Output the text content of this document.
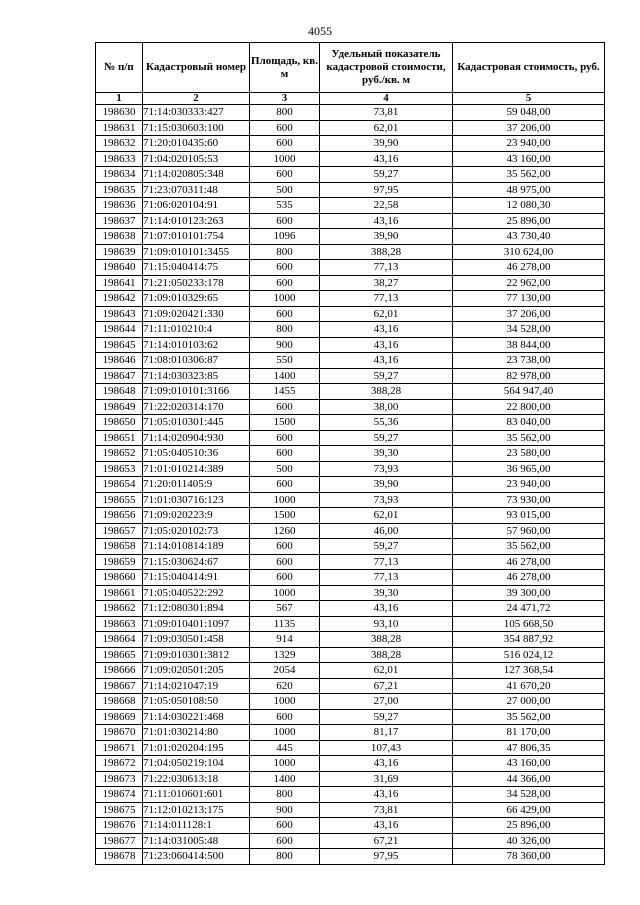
4055
№ п/п	Кадастровый номер	Площадь, кв. м	Удельный показатель кадастровой стоимости, руб./кв. м	Кадастровая стоимость, руб.
1	2	3	4	5
198630	71:14:030333:427	800	73,81	59 048,00
198631	71:15:030603:100	600	62,01	37 206,00
198632	71:20:010435:60	600	39,90	23 940,00
198633	71:04:020105:53	1000	43,16	43 160,00
198634	71:14:020805:348	600	59,27	35 562,00
198635	71:23:070311:48	500	97,95	48 975,00
198636	71:06:020104:91	535	22,58	12 080,30
198637	71:14:010123:263	600	43,16	25 896,00
198638	71:07:010101:754	1096	39,90	43 730,40
198639	71:09:010101:3455	800	388,28	310 624,00
198640	71:15:040414:75	600	77,13	46 278,00
198641	71:21:050233:178	600	38,27	22 962,00
198642	71:09:010329:65	1000	77,13	77 130,00
198643	71:09:020421:330	600	62,01	37 206,00
198644	71:11:010210:4	800	43,16	34 528,00
198645	71:14:010103:62	900	43,16	38 844,00
198646	71:08:010306:87	550	43,16	23 738,00
198647	71:14:030323:85	1400	59,27	82 978,00
198648	71:09:010101:3166	1455	388,28	564 947,40
198649	71:22:020314:170	600	38,00	22 800,00
198650	71:05:010301:445	1500	55,36	83 040,00
198651	71:14:020904:930	600	59,27	35 562,00
198652	71:05:040510:36	600	39,30	23 580,00
198653	71:01:010214:389	500	73,93	36 965,00
198654	71:20:011405:9	600	39,90	23 940,00
198655	71:01:030716:123	1000	73,93	73 930,00
198656	71:09:020223:9	1500	62,01	93 015,00
198657	71:05:020102:73	1260	46,00	57 960,00
198658	71:14:010814:189	600	59,27	35 562,00
198659	71:15:030624:67	600	77,13	46 278,00
198660	71:15:040414:91	600	77,13	46 278,00
198661	71:05:040522:292	1000	39,30	39 300,00
198662	71:12:080301:894	567	43,16	24 471,72
198663	71:09:010401:1097	1135	93,10	105 668,50
198664	71:09:030501:458	914	388,28	354 887,92
198665	71:09:010301:3812	1329	388,28	516 024,12
198666	71:09:020501:205	2054	62,01	127 368,54
198667	71:14:021047:19	620	67,21	41 670,20
198668	71:05:050108:50	1000	27,00	27 000,00
198669	71:14:030221:468	600	59,27	35 562,00
198670	71:01:030214:80	1000	81,17	81 170,00
198671	71:01:020204:195	445	107,43	47 806,35
198672	71:04:050219:104	1000	43,16	43 160,00
198673	71:22:030613:18	1400	31,69	44 366,00
198674	71:11:010601:601	800	43,16	34 528,00
198675	71:12:010213:175	900	73,81	66 429,00
198676	71:14:011128:1	600	43,16	25 896,00
198677	71:14:031005:48	600	67,21	40 326,00
198678	71:23:060414:500	800	97,95	78 360,00
